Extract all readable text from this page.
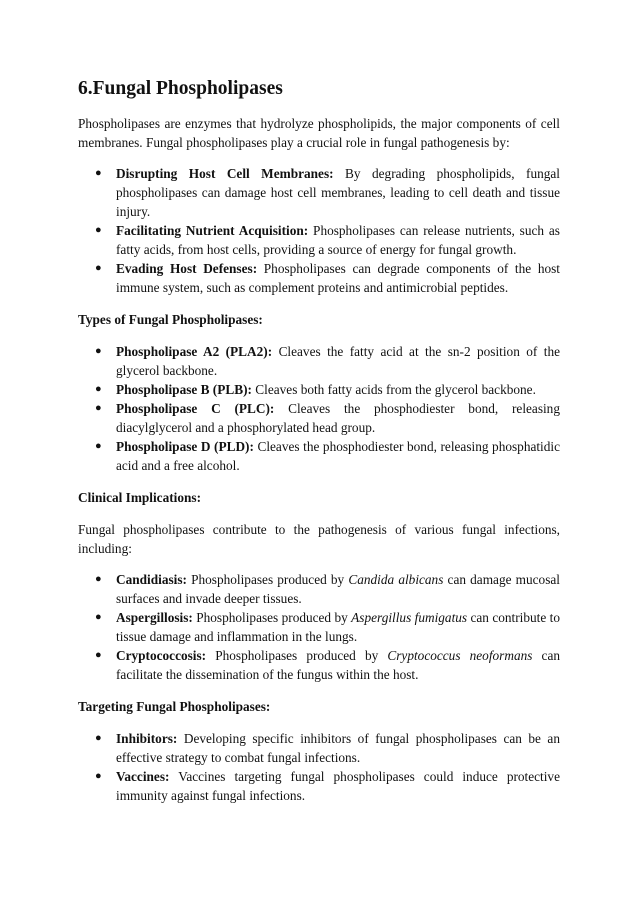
6.Fungal Phospholipases

Phospholipases are enzymes that hydrolyze phospholipids, the major components of cell membranes. Fungal phospholipases play a crucial role in fungal pathogenesis by:

● Disrupting Host Cell Membranes: By degrading phospholipids, fungal phospholipases can damage host cell membranes, leading to cell death and tissue injury.
● Facilitating Nutrient Acquisition: Phospholipases can release nutrients, such as fatty acids, from host cells, providing a source of energy for fungal growth.
● Evading Host Defenses: Phospholipases can degrade components of the host immune system, such as complement proteins and antimicrobial peptides.
Types of Fungal Phospholipases:
● Phospholipase A2 (PLA2): Cleaves the fatty acid at the sn-2 position of the glycerol backbone.
● Phospholipase B (PLB): Cleaves both fatty acids from the glycerol backbone.
● Phospholipase C (PLC): Cleaves the phosphodiester bond, releasing diacylglycerol and a phosphorylated head group.
● Phospholipase D (PLD): Cleaves the phosphodiester bond, releasing phosphatidic acid and a free alcohol.
Clinical Implications:

Fungal phospholipases contribute to the pathogenesis of various fungal infections, including:

● Candidiasis: Phospholipases produced by Candida albicans can damage mucosal surfaces and invade deeper tissues.
● Aspergillosis: Phospholipases produced by Aspergillus fumigatus can contribute to tissue damage and inflammation in the lungs.
● Cryptococcosis: Phospholipases produced by Cryptococcus neoformans can facilitate the dissemination of the fungus within the host.
Targeting Fungal Phospholipases:
● Inhibitors: Developing specific inhibitors of fungal phospholipases can be an effective strategy to combat fungal infections.
● Vaccines: Vaccines targeting fungal phospholipases could induce protective immunity against fungal infections.
